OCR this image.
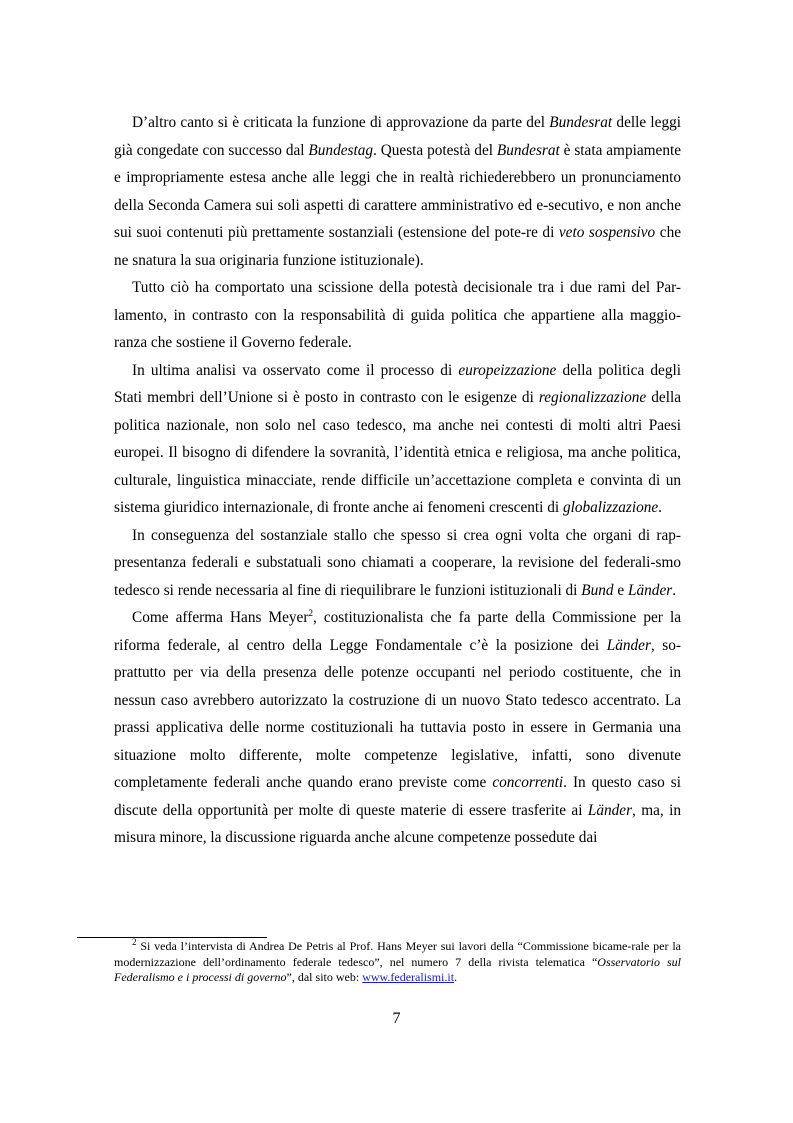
D’altro canto si è criticata la funzione di approvazione da parte del Bundesrat delle leggi già congedate con successo dal Bundestag. Questa potestà del Bundesrat è stata ampiamente e impropriamente estesa anche alle leggi che in realtà richiederebbero un pronunciamento della Seconda Camera sui soli aspetti di carattere amministrativo ed e-secutivo, e non anche sui suoi contenuti più prettamente sostanziali (estensione del pote-re di veto sospensivo che ne snatura la sua originaria funzione istituzionale).

Tutto ciò ha comportato una scissione della potestà decisionale tra i due rami del Par-lamento, in contrasto con la responsabilità di guida politica che appartiene alla maggio-ranza che sostiene il Governo federale.

In ultima analisi va osservato come il processo di europeizzazione della politica degli Stati membri dell’Unione si è posto in contrasto con le esigenze di regionalizzazione della politica nazionale, non solo nel caso tedesco, ma anche nei contesti di molti altri Paesi europei. Il bisogno di difendere la sovranità, l’identità etnica e religiosa, ma anche politica, culturale, linguistica minacciate, rende difficile un’accettazione completa e convinta di un sistema giuridico internazionale, di fronte anche ai fenomeni crescenti di globalizzazione.

In conseguenza del sostanziale stallo che spesso si crea ogni volta che organi di rap-presentanza federali e substatuali sono chiamati a cooperare, la revisione del federali-smo tedesco si rende necessaria al fine di riequilibrare le funzioni istituzionali di Bund e Länder.

Come afferma Hans Meyer$^2$, costituzionalista che fa parte della Commissione per la riforma federale, al centro della Legge Fondamentale c’è la posizione dei Länder, so-prattutto per via della presenza delle potenze occupanti nel periodo costituente, che in nessun caso avrebbero autorizzato la costruzione di un nuovo Stato tedesco accentrato. La prassi applicativa delle norme costituzionali ha tuttavia posto in essere in Germania una situazione molto differente, molte competenze legislative, infatti, sono divenute completamente federali anche quando erano previste come concorrenti. In questo caso si discute della opportunità per molte di queste materie di essere trasferite ai Länder, ma, in misura minore, la discussione riguarda anche alcune competenze possedute dai

$^2$ Si veda l’intervista di Andrea De Petris al Prof. Hans Meyer sui lavori della “Commissione bicame-rale per la modernizzazione dell’ordinamento federale tedesco”, nel numero 7 della rivista telematica “Osservatorio sul Federalismo e i processi di governo”, dal sito web: www.federalismi.it.
7
